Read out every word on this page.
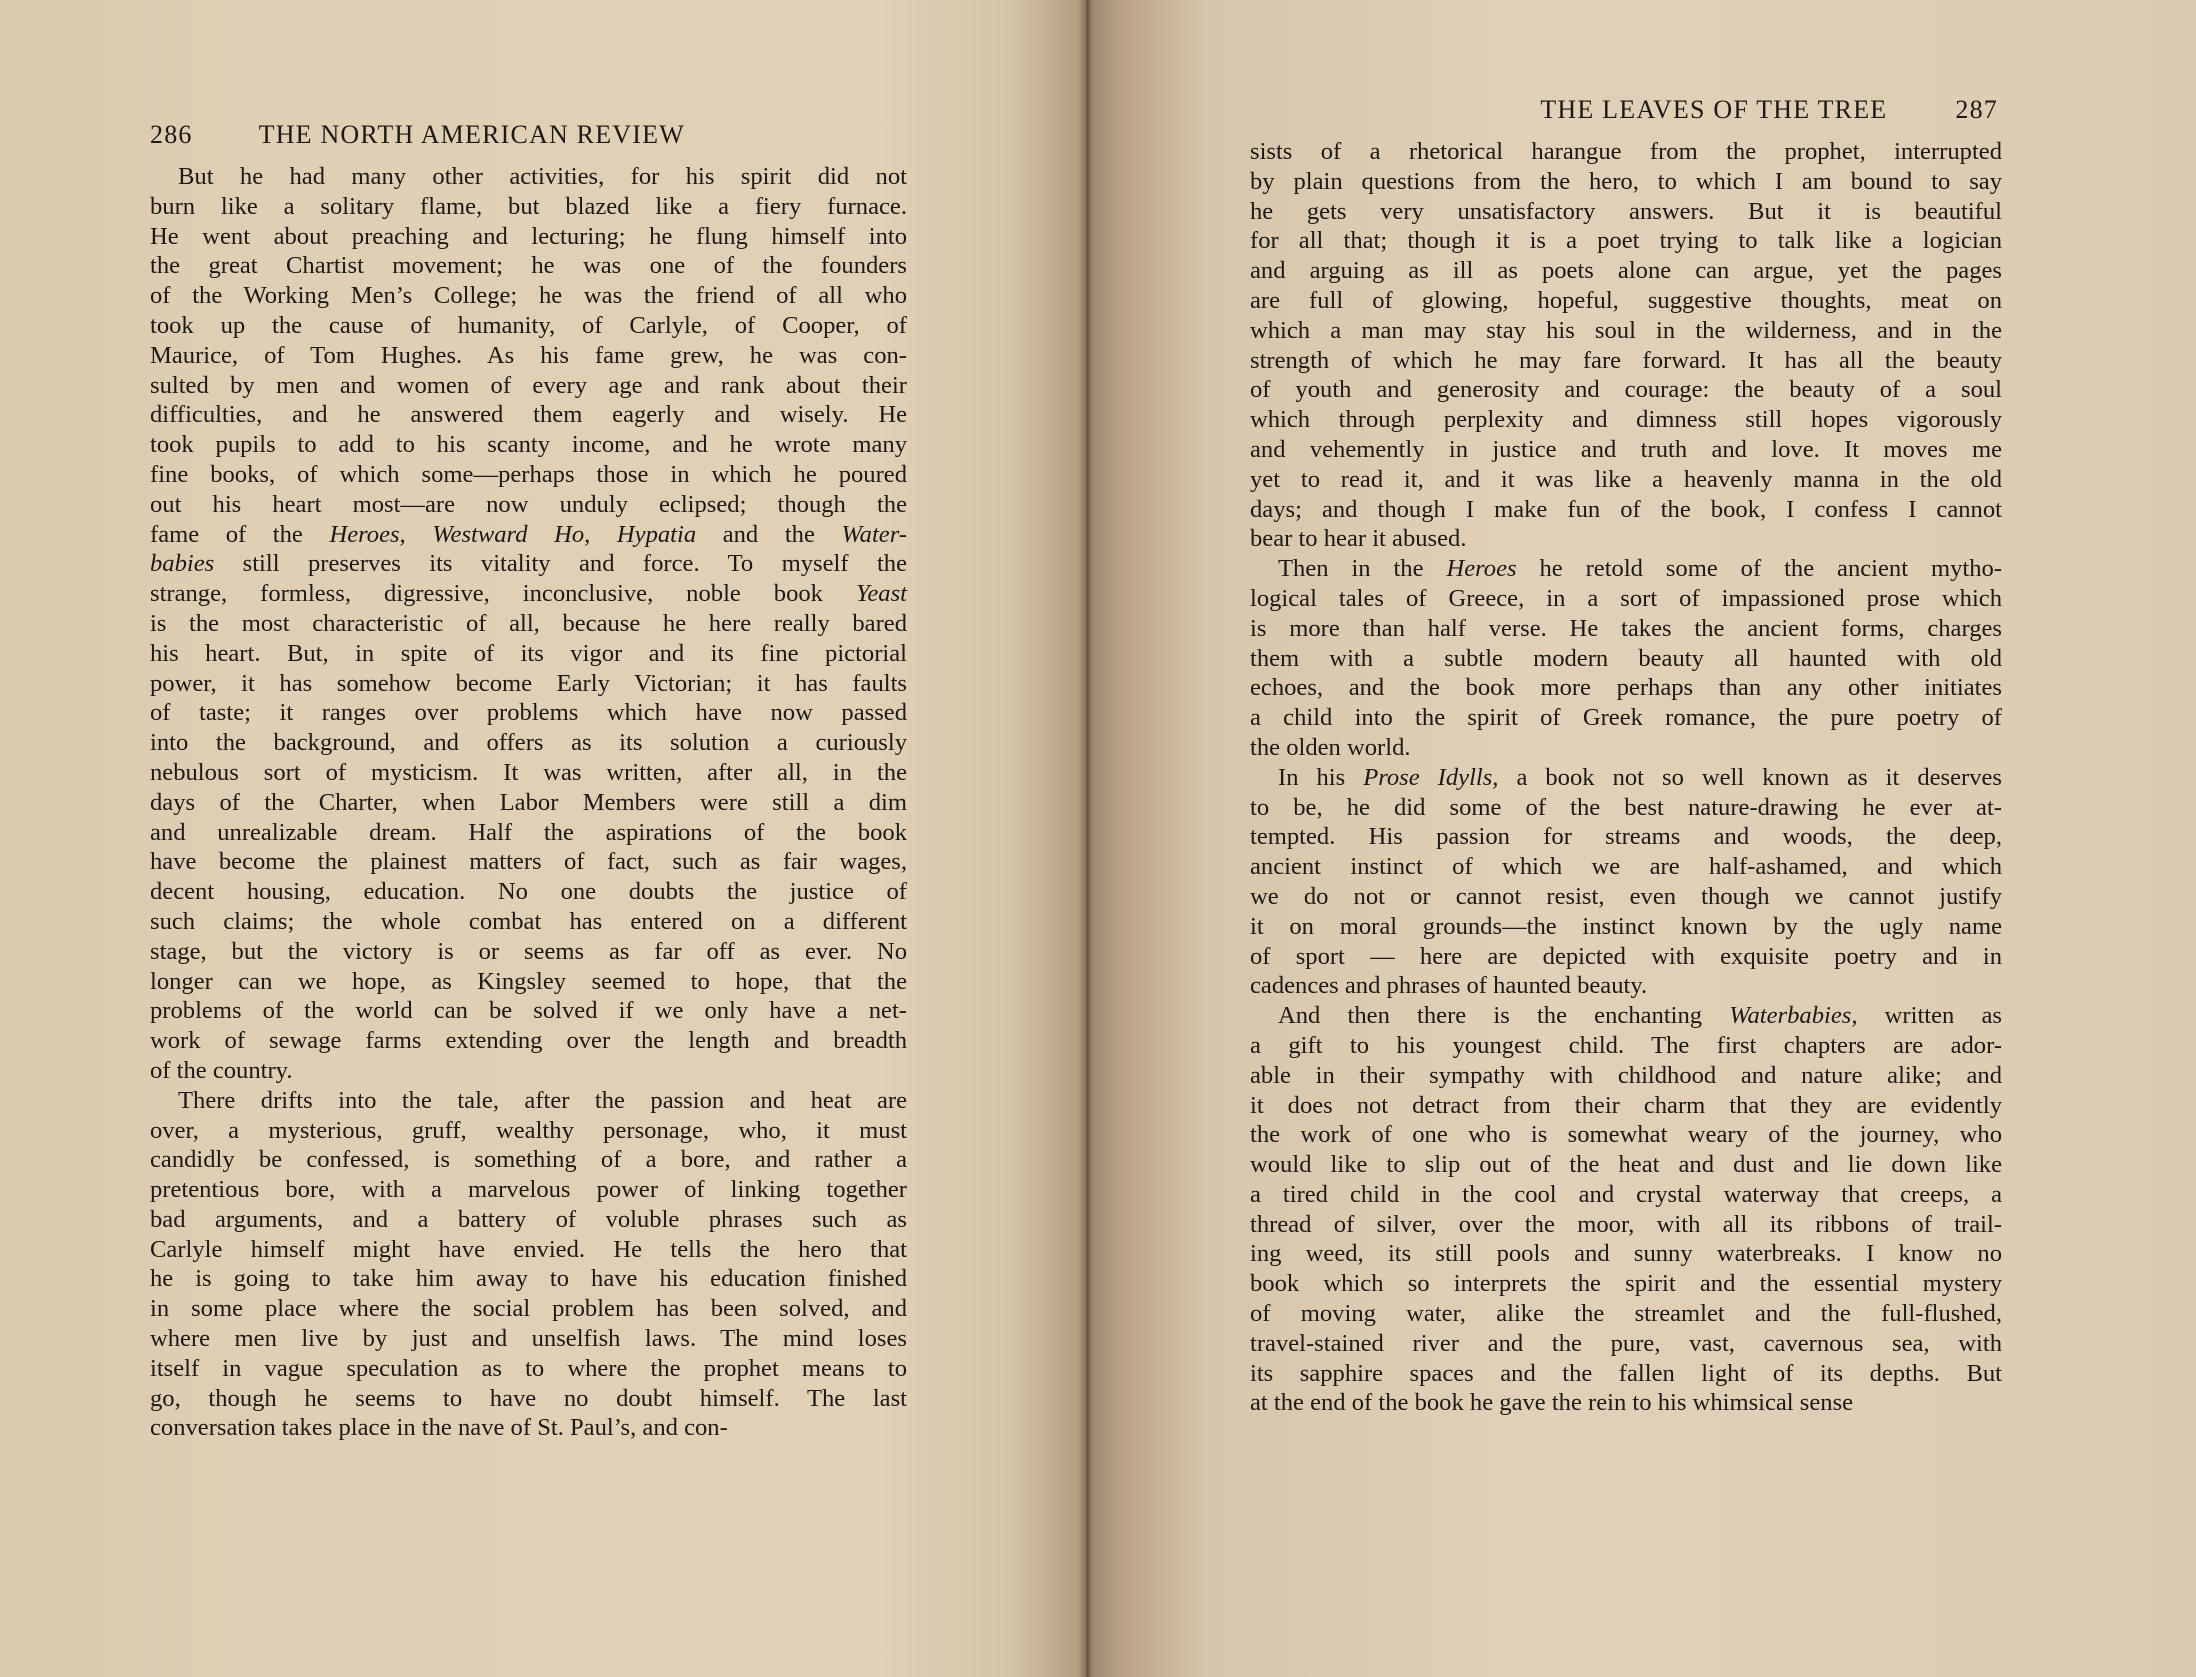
286	THE NORTH AMERICAN REVIEW

But he had many other activities, for his spirit did not
burn like a solitary flame, but blazed like a fiery furnace.
He went about preaching and lecturing; he flung himself into
the great Chartist movement; he was one of the founders
of the Working Men’s College; he was the friend of all who
took up the cause of humanity, of Carlyle, of Cooper, of
Maurice, of Tom Hughes. As his fame grew, he was con-
sulted by men and women of every age and rank about their
difficulties, and he answered them eagerly and wisely. He
took pupils to add to his scanty income, and he wrote many
fine books, of which some—perhaps those in which he poured
out his heart most—are now unduly eclipsed; though the
fame of the Heroes, Westward Ho, Hypatia and the Water-
babies still preserves its vitality and force. To myself the
strange, formless, digressive, inconclusive, noble book Yeast
is the most characteristic of all, because he here really bared
his heart. But, in spite of its vigor and its fine pictorial
power, it has somehow become Early Victorian; it has faults
of taste; it ranges over problems which have now passed
into the background, and offers as its solution a curiously
nebulous sort of mysticism. It was written, after all, in the
days of the Charter, when Labor Members were still a dim
and unrealizable dream. Half the aspirations of the book
have become the plainest matters of fact, such as fair wages,
decent housing, education. No one doubts the justice of
such claims; the whole combat has entered on a different
stage, but the victory is or seems as far off as ever. No
longer can we hope, as Kingsley seemed to hope, that the
problems of the world can be solved if we only have a net-
work of sewage farms extending over the length and breadth
of the country.

There drifts into the tale, after the passion and heat are
over, a mysterious, gruff, wealthy personage, who, it must
candidly be confessed, is something of a bore, and rather a
pretentious bore, with a marvelous power of linking together
bad arguments, and a battery of voluble phrases such as
Carlyle himself might have envied. He tells the hero that
he is going to take him away to have his education finished
in some place where the social problem has been solved, and
where men live by just and unselfish laws. The mind loses
itself in vague speculation as to where the prophet means to
go, though he seems to have no doubt himself. The last
conversation takes place in the nave of St. Paul’s, and con-

THE LEAVES OF THE TREE	287

sists of a rhetorical harangue from the prophet, interrupted
by plain questions from the hero, to which I am bound to say
he gets very unsatisfactory answers. But it is beautiful
for all that; though it is a poet trying to talk like a logician
and arguing as ill as poets alone can argue, yet the pages
are full of glowing, hopeful, suggestive thoughts, meat on
which a man may stay his soul in the wilderness, and in the
strength of which he may fare forward. It has all the beauty
of youth and generosity and courage: the beauty of a soul
which through perplexity and dimness still hopes vigorously
and vehemently in justice and truth and love. It moves me
yet to read it, and it was like a heavenly manna in the old
days; and though I make fun of the book, I confess I cannot
bear to hear it abused.

Then in the Heroes he retold some of the ancient mytho-
logical tales of Greece, in a sort of impassioned prose which
is more than half verse. He takes the ancient forms, charges
them with a subtle modern beauty all haunted with old
echoes, and the book more perhaps than any other initiates
a child into the spirit of Greek romance, the pure poetry of
the olden world.

In his Prose Idylls, a book not so well known as it deserves
to be, he did some of the best nature-drawing he ever at-
tempted. His passion for streams and woods, the deep,
ancient instinct of which we are half-ashamed, and which
we do not or cannot resist, even though we cannot justify
it on moral grounds—the instinct known by the ugly name
of sport — here are depicted with exquisite poetry and in
cadences and phrases of haunted beauty.

And then there is the enchanting Waterbabies, written as
a gift to his youngest child. The first chapters are ador-
able in their sympathy with childhood and nature alike; and
it does not detract from their charm that they are evidently
the work of one who is somewhat weary of the journey, who
would like to slip out of the heat and dust and lie down like
a tired child in the cool and crystal waterway that creeps, a
thread of silver, over the moor, with all its ribbons of trail-
ing weed, its still pools and sunny waterbreaks. I know no
book which so interprets the spirit and the essential mystery
of moving water, alike the streamlet and the full-flushed,
travel-stained river and the pure, vast, cavernous sea, with
its sapphire spaces and the fallen light of its depths. But
at the end of the book he gave the rein to his whimsical sense
